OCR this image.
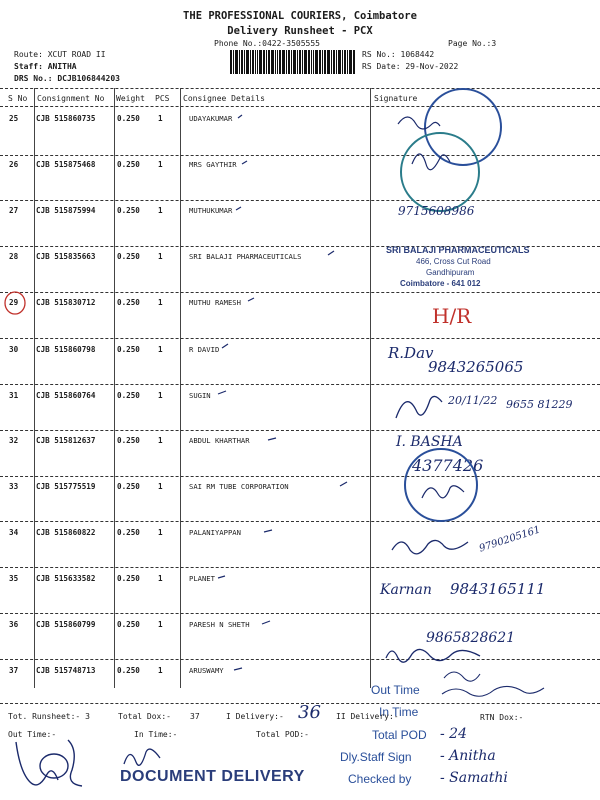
THE PROFESSIONAL COURIERS, Coimbatore
Delivery Runsheet - PCX
Phone No.:0422-3505555	Page No.:3
Route: XCUT ROAD II
Staff: ANITHA
DRS No.: DCJB106844203
RS No.: 1068442
RS Date: 29-Nov-2022
S No Consignment No Weight PCS Consignee Details	Signature
25 CJB 515860735	0.250 1	UDAYAKUMAR
26 CJB 515875468	0.250 1	MRS GAYTHIR
27 CJB 515875994	0.250 1	MUTHUKUMAR
28 CJB 515835663	0.250 1	SRI BALAJI PHARMACEUTICALS
29 CJB 515830712	0.250 1	MUTHU RAMESH
30 CJB 515860798	0.250 1	R DAVID
31 CJB 515860764	0.250 1	SUGIN
32 CJB 515812637	0.250 1	ABDUL KHARTHAR
33 CJB 515775519	0.250 1	SAI RM TUBE CORPORATION
34 CJB 515860822	0.250 1	PALANIYAPPAN
35 CJB 515633582	0.250 1	PLANET
36 CJB 515860799	0.250 1	PARESH N SHETH
37 CJB 515748713	0.250 1	ARUSWAMY
9715608986
SRI BALAJI PHARMACEUTICALS
466, Cross Cut Road
Gandhipuram
Coimbatore - 641 012
H/R
R.Dav
9843265065
20/11/22 9655 81229
I. BASHA
4377426
9790205161
Karnan 9843165111
9865828621
Out Time
In Time
Total POD - 24
Dly.Staff Sign - Anitha
Checked by - Samathi
Tot. Runsheet:- 3	Total Dox:- 37	I Delivery:- 36 II Delivery:-	RTN Dox:-
Out Time:-	In Time:-	Total POD:-
DOCUMENT DELIVERY
